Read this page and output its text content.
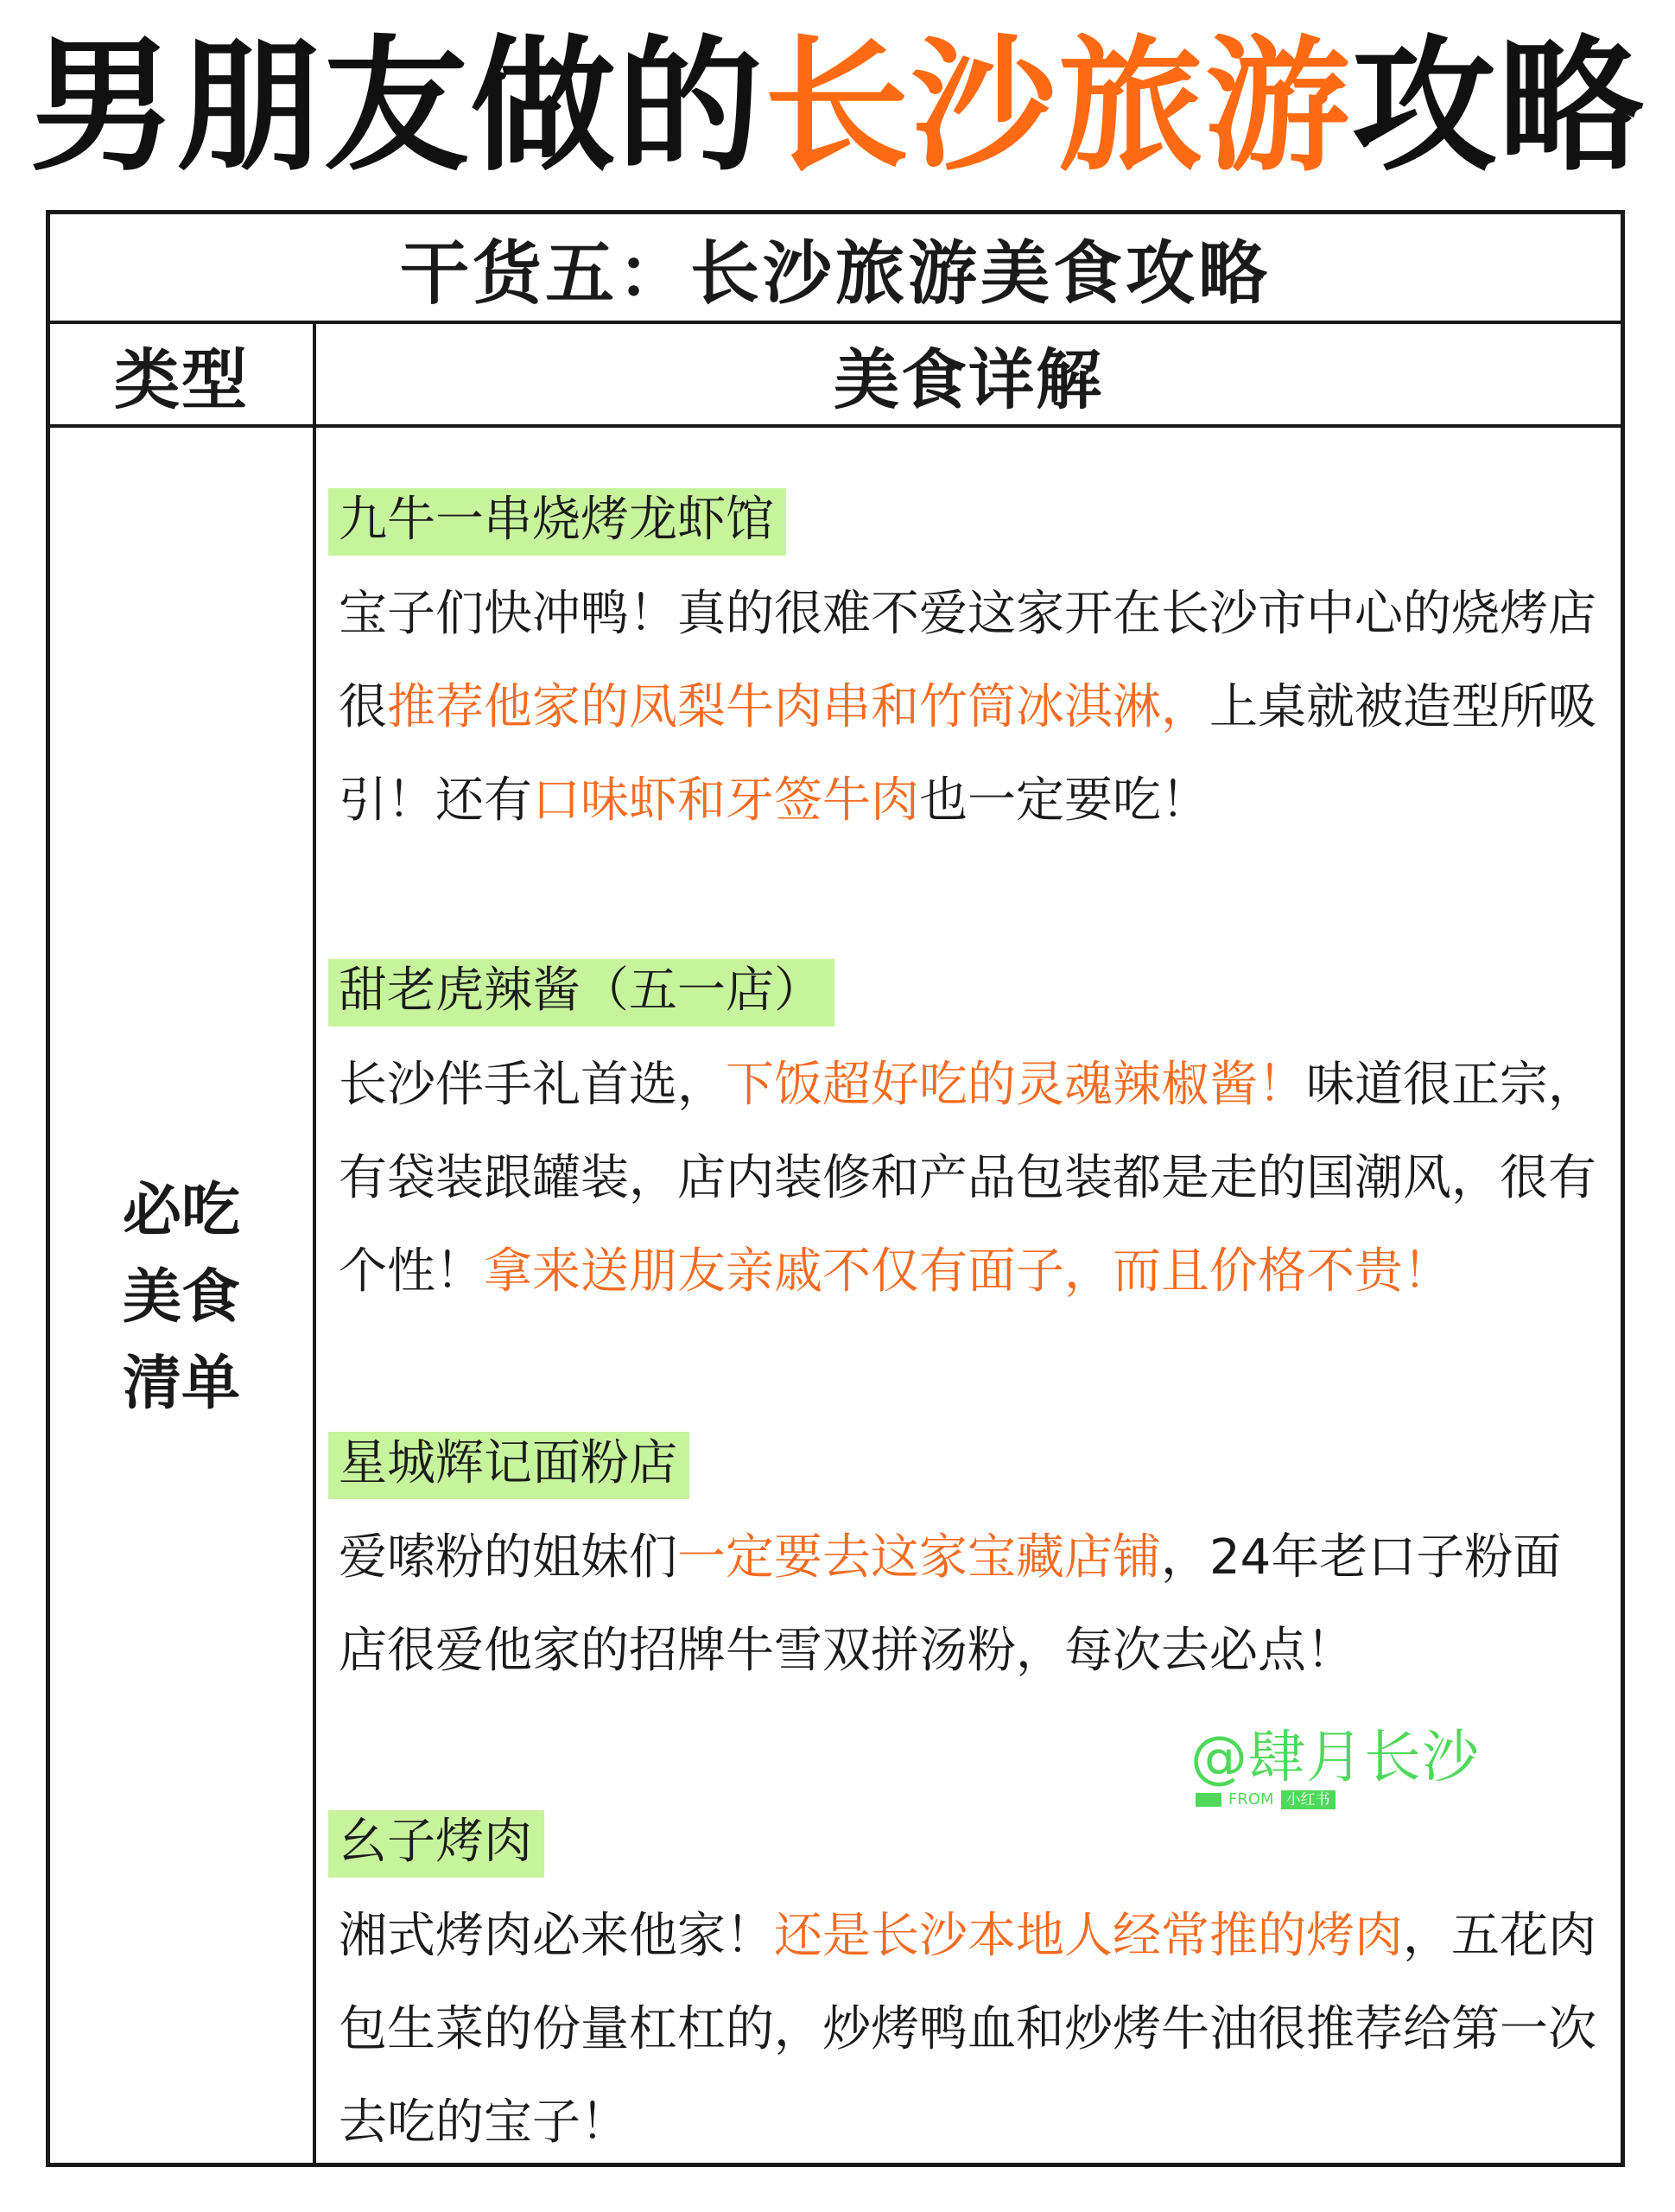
男朋友做的 长沙旅游 攻略
干货五：长沙旅游美食攻略
类型	美食详解
必吃美食清单
九牛一串烧烤龙虾馆
宝子们快冲鸭！真的很难不爱这家开在长沙市中心的烧烤店很推荐他家的凤梨牛肉串和竹筒冰淇淋，上桌就被造型所吸引！还有口味虾和牙签牛肉也一定要吃！
甜老虎辣酱（五一店）
长沙伴手礼首选，下饭超好吃的灵魂辣椒酱！味道很正宗，有袋装跟罐装，店内装修和产品包装都是走的国潮风，很有个性！拿来送朋友亲戚不仅有面子，而且价格不贵！
星城辉记面粉店
爱嗦粉的姐妹们一定要去这家宝藏店铺，24年老口子粉面店很爱他家的招牌牛雪双拼汤粉，每次去必点！
幺子烤肉
湘式烤肉必来他家！还是长沙本地人经常推的烤肉，五花肉包生菜的份量杠杠的，炒烤鸭血和炒烤牛油很推荐给第一次去吃的宝子！
@肆月长沙
FROM 小红书
